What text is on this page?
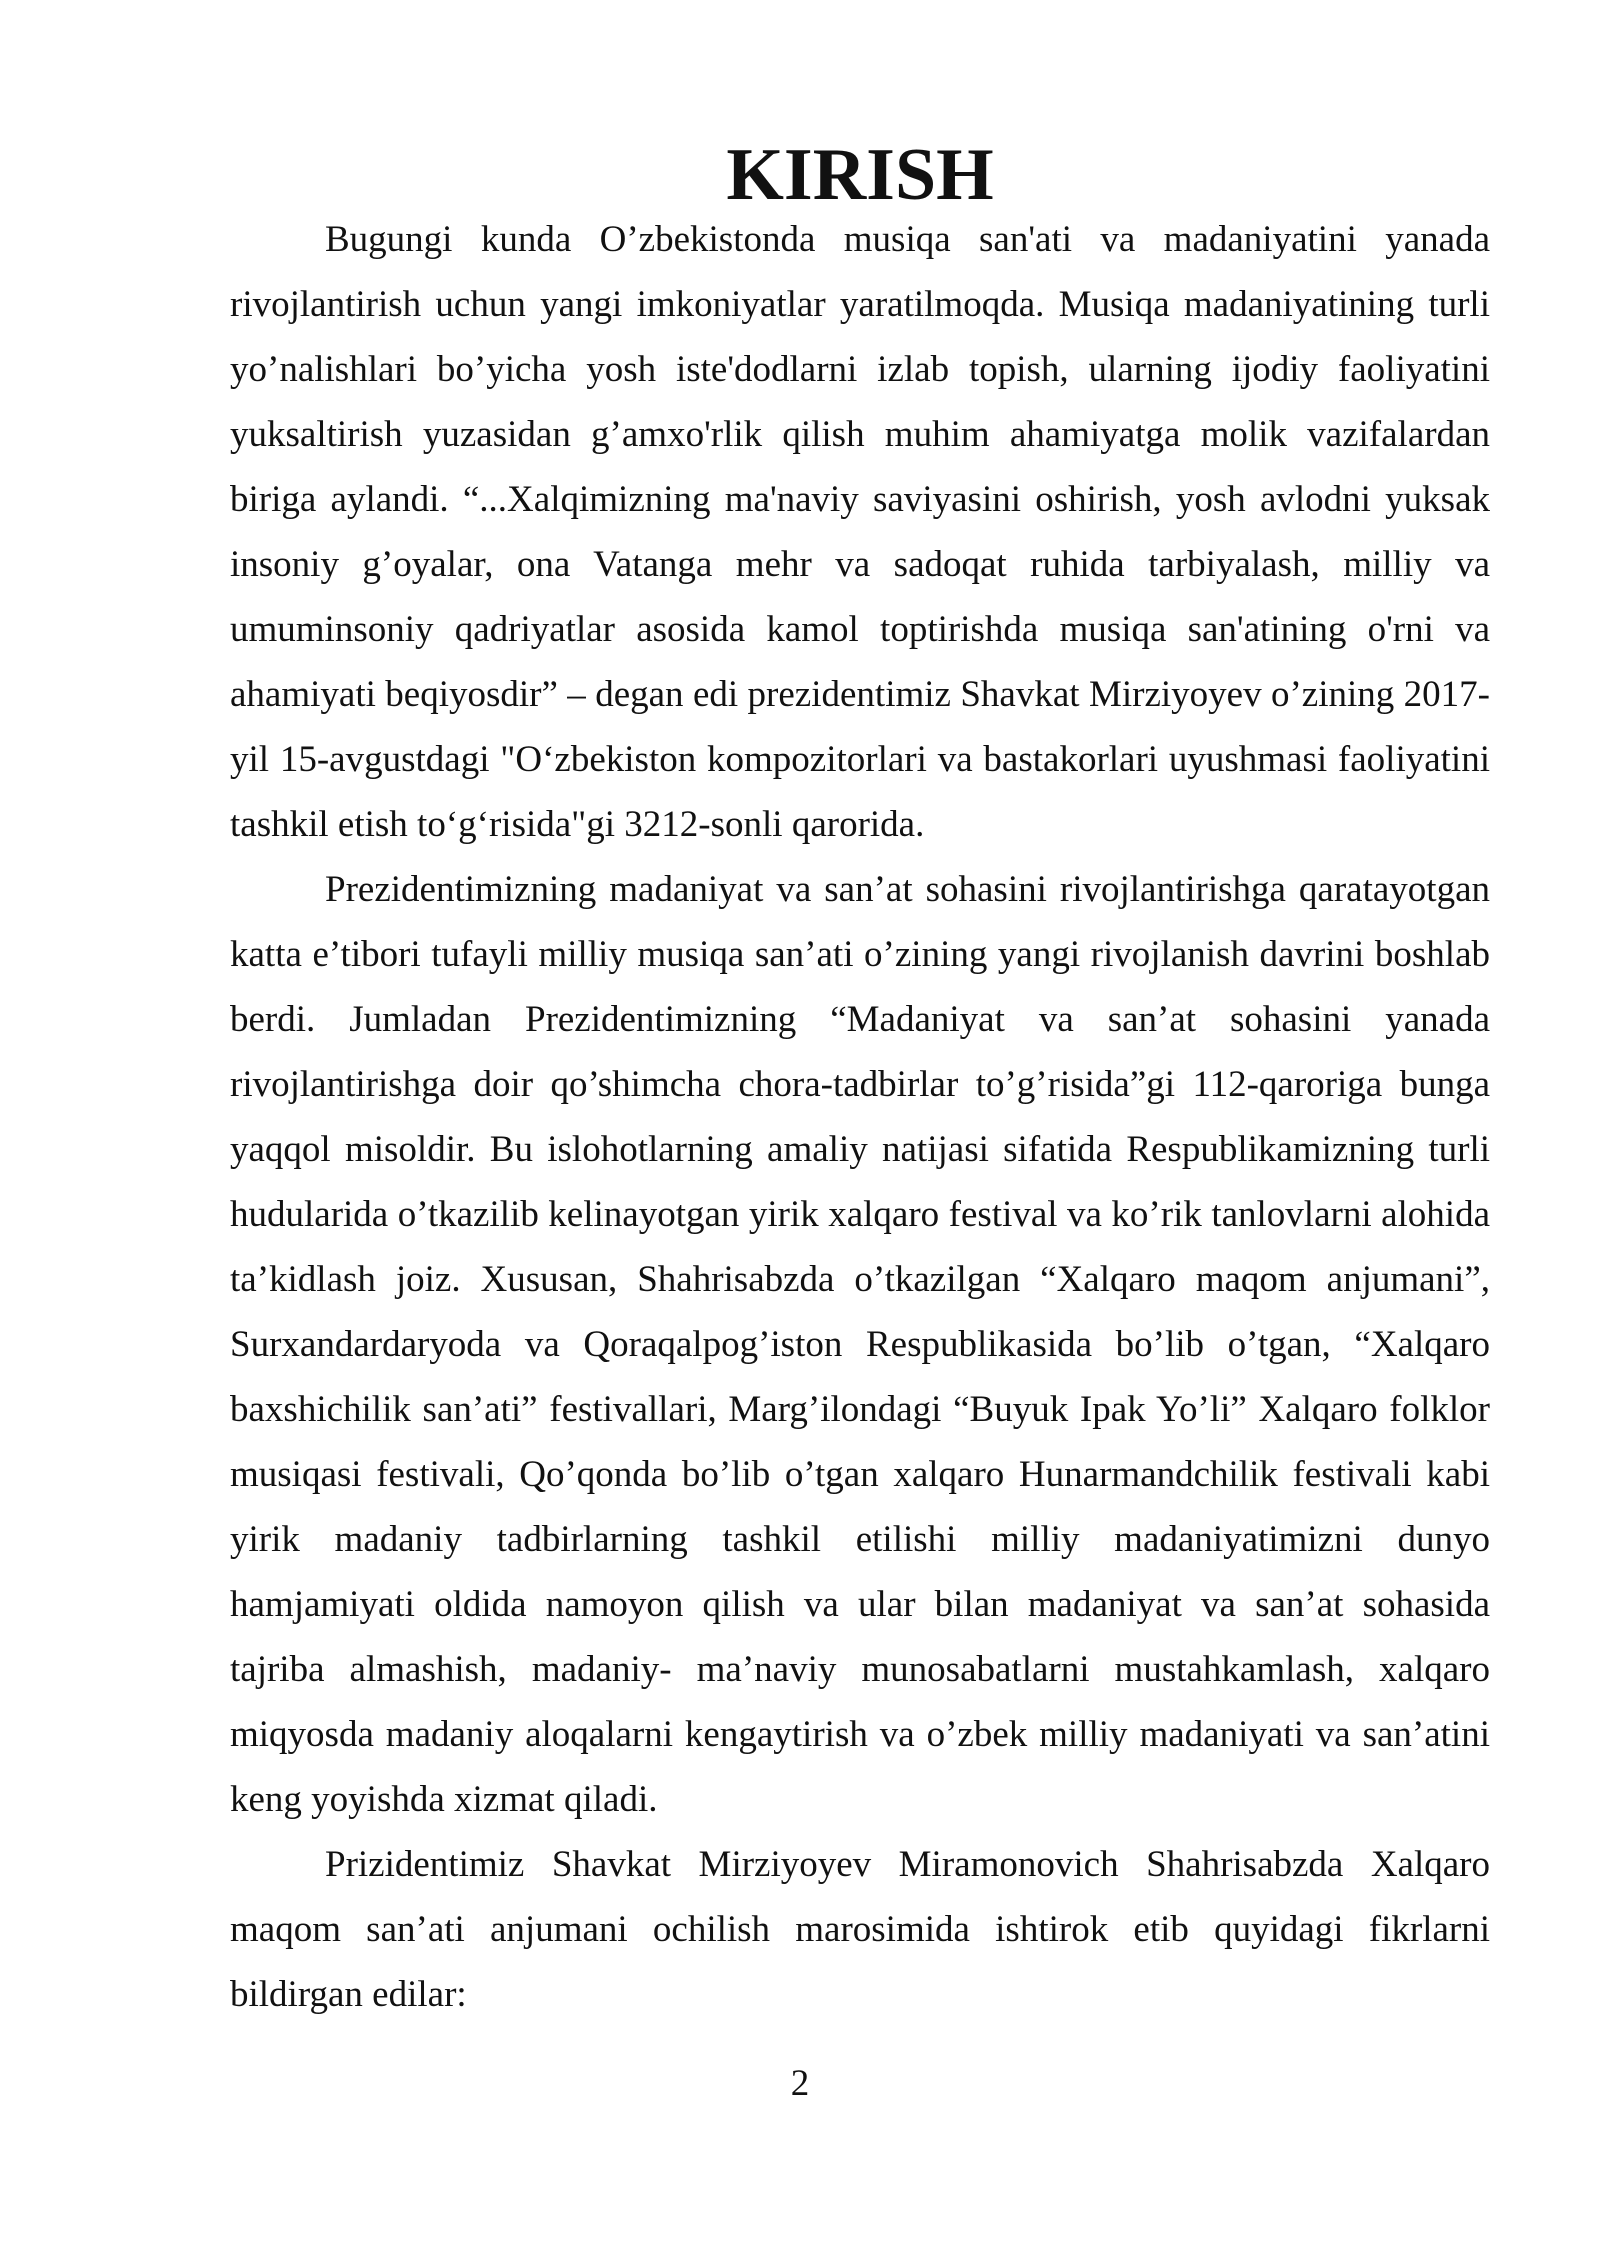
KIRISH

Bugungi kunda O’zbekistonda musiqa san'ati va madaniyatini yanada rivojlantirish uchun yangi imkoniyatlar yaratilmoqda. Musiqa madaniyatining turli yo’nalishlari bo’yicha yosh iste'dodlarni izlab topish, ularning ijodiy faoliyatini yuksaltirish yuzasidan g’amxo'rlik qilish muhim ahamiyatga molik vazifalardan biriga aylandi. “...Xalqimizning ma'naviy saviyasini oshirish, yosh avlodni yuksak insoniy g’oyalar, ona Vatanga mehr va sadoqat ruhida tarbiyalash, milliy va umuminsoniy qadriyatlar asosida kamol toptirishda musiqa san'atining o'rni va ahamiyati beqiyosdir” – degan edi prezidentimiz Shavkat Mirziyoyev o’zining 2017-yil 15-avgustdagi "O‘zbekiston kompozitorlari va bastakorlari uyushmasi faoliyatini tashkil etish to‘g‘risida"gi 3212-sonli qarorida.

Prezidentimizning madaniyat va san’at sohasini rivojlantirishga qaratayotgan katta e’tibori tufayli milliy musiqa san’ati o’zining yangi rivojlanish davrini boshlab berdi. Jumladan Prezidentimizning “Madaniyat va san’at sohasini yanada rivojlantirishga doir qo’shimcha chora-tadbirlar to’g’risida”gi 112-qaroriga bunga yaqqol misoldir. Bu islohotlarning amaliy natijasi sifatida Respublikamizning turli hudularida o’tkazilib kelinayotgan yirik xalqaro festival va ko’rik tanlovlarni alohida ta’kidlash joiz. Xususan, Shahrisabzda o’tkazilgan “Xalqaro maqom anjumani”, Surxandardaryoda va Qoraqalpog’iston Respublikasida bo’lib o’tgan, “Xalqaro baxshichilik san’ati” festivallari, Marg’ilondagi “Buyuk Ipak Yo’li” Xalqaro folklor musiqasi festivali, Qo’qonda bo’lib o’tgan xalqaro Hunarmandchilik festivali kabi yirik madaniy tadbirlarning tashkil etilishi milliy madaniyatimizni dunyo hamjamiyati oldida namoyon qilish va ular bilan madaniyat va san’at sohasida tajriba almashish, madaniy- ma’naviy munosabatlarni mustahkamlash, xalqaro miqyosda madaniy aloqalarni kengaytirish va o’zbek milliy madaniyati va san’atini keng yoyishda xizmat qiladi.

Prizidentimiz Shavkat Mirziyoyev Miramonovich Shahrisabzda Xalqaro maqom san’ati anjumani ochilish marosimida ishtirok etib quyidagi fikrlarni bildirgan edilar:

2
